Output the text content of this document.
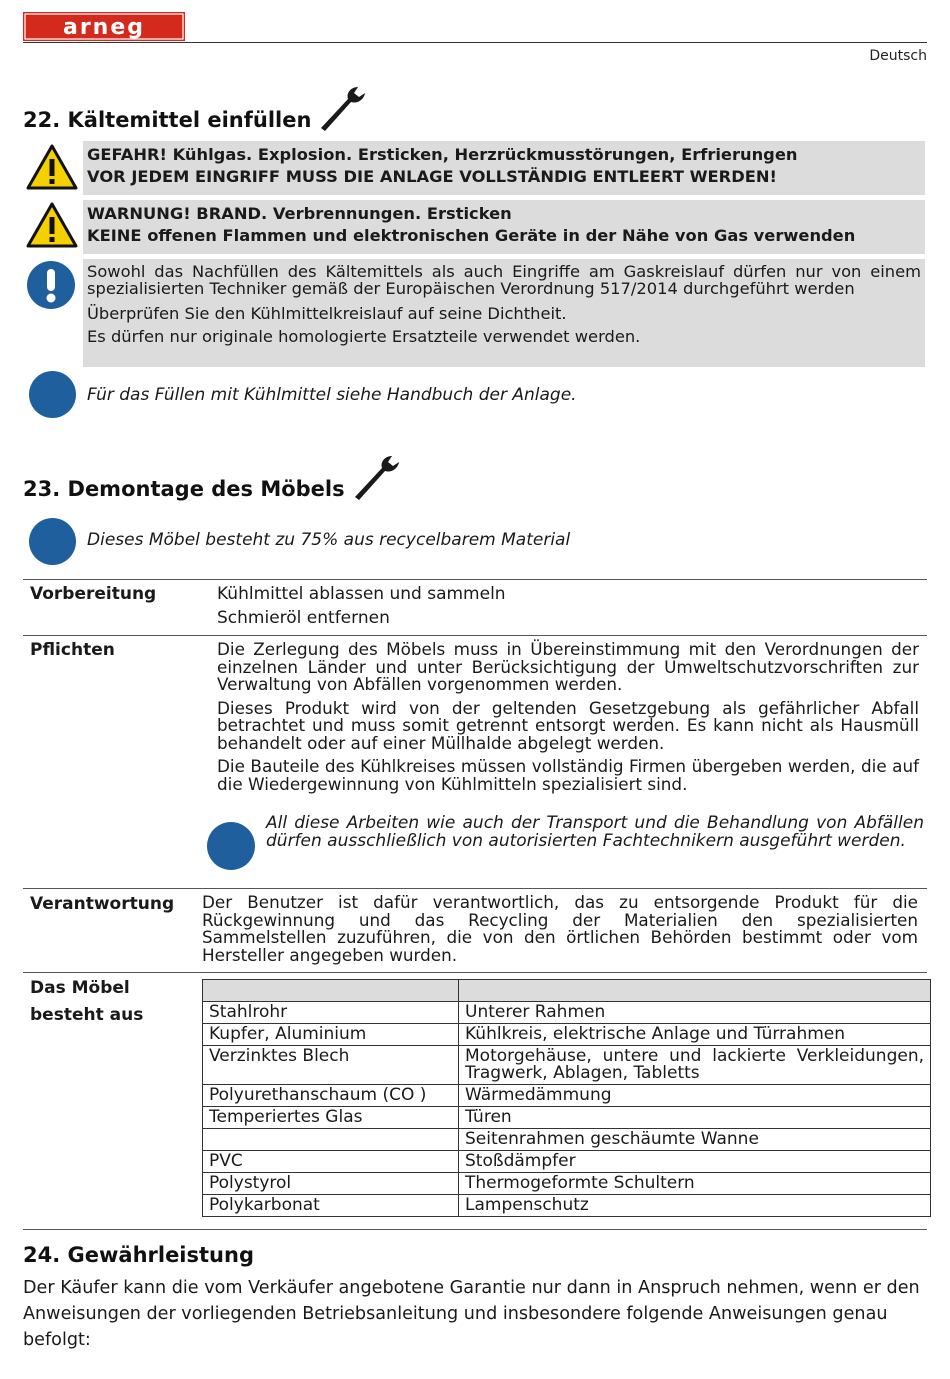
arneg
Deutsch
22. Kältemittel einfüllen
GEFAHR! Kühlgas. Explosion. Ersticken, Herzrückmusstörungen, Erfrierungen
VOR JEDEM EINGRIFF MUSS DIE ANLAGE VOLLSTÄNDIG ENTLEERT WERDEN!
WARNUNG! BRAND. Verbrennungen. Ersticken
KEINE offenen Flammen und elektronischen Geräte in der Nähe von Gas verwenden
Sowohl das Nachfüllen des Kältemittels als auch Eingriffe am Gaskreislauf dürfen nur von einem spezialisierten Techniker gemäß der Europäischen Verordnung 517/2014 durchgeführt werden
Überprüfen Sie den Kühlmittelkreislauf auf seine Dichtheit.
Es dürfen nur originale homologierte Ersatzteile verwendet werden.
Für das Füllen mit Kühlmittel siehe Handbuch der Anlage.
23. Demontage des Möbels
Dieses Möbel besteht zu 75% aus recycelbarem Material
Vorbereitung	Kühlmittel ablassen und sammeln
Schmieröl entfernen
Pflichten	Die Zerlegung des Möbels muss in Übereinstimmung mit den Verordnungen der einzelnen Länder und unter Berücksichtigung der Umweltschutzvorschriften zur Verwaltung von Abfällen vorgenommen werden.
Dieses Produkt wird von der geltenden Gesetzgebung als gefährlicher Abfall betrachtet und muss somit getrennt entsorgt werden. Es kann nicht als Hausmüll behandelt oder auf einer Müllhalde abgelegt werden.
Die Bauteile des Kühlkreises müssen vollständig Firmen übergeben werden, die auf die Wiedergewinnung von Kühlmitteln spezialisiert sind.
All diese Arbeiten wie auch der Transport und die Behandlung von Abfällen dürfen ausschließlich von autorisierten Fachtechnikern ausgeführt werden.
Verantwortung Der Benutzer ist dafür verantwortlich, das zu entsorgende Produkt für die Rückgewinnung und das Recycling der Materialien den spezialisierten Sammelstellen zuzuführen, die von den örtlichen Behörden bestimmt oder vom Hersteller angegeben wurden.
Das Möbel
besteht aus
		Stahlrohr	Unterer Rahmen
Kupfer, Aluminium	Kühlkreis, elektrische Anlage und Türrahmen
Verzinktes Blech	Motorgehäuse, untere und lackierte Verkleidungen, Tragwerk, Ablagen, Tabletts
Polyurethanschaum (CO )	Wärmedämmung
Temperiertes Glas	Türen
	Seitenrahmen geschäumte Wanne
PVC	Stoßdämpfer
Polystyrol	Thermogeformte Schultern
Polykarbonat	Lampenschutz
24. Gewährleistung
Der Käufer kann die vom Verkäufer angebotene Garantie nur dann in Anspruch nehmen, wenn er den Anweisungen der vorliegenden Betriebsanleitung und insbesondere folgende Anweisungen genau befolgt:
